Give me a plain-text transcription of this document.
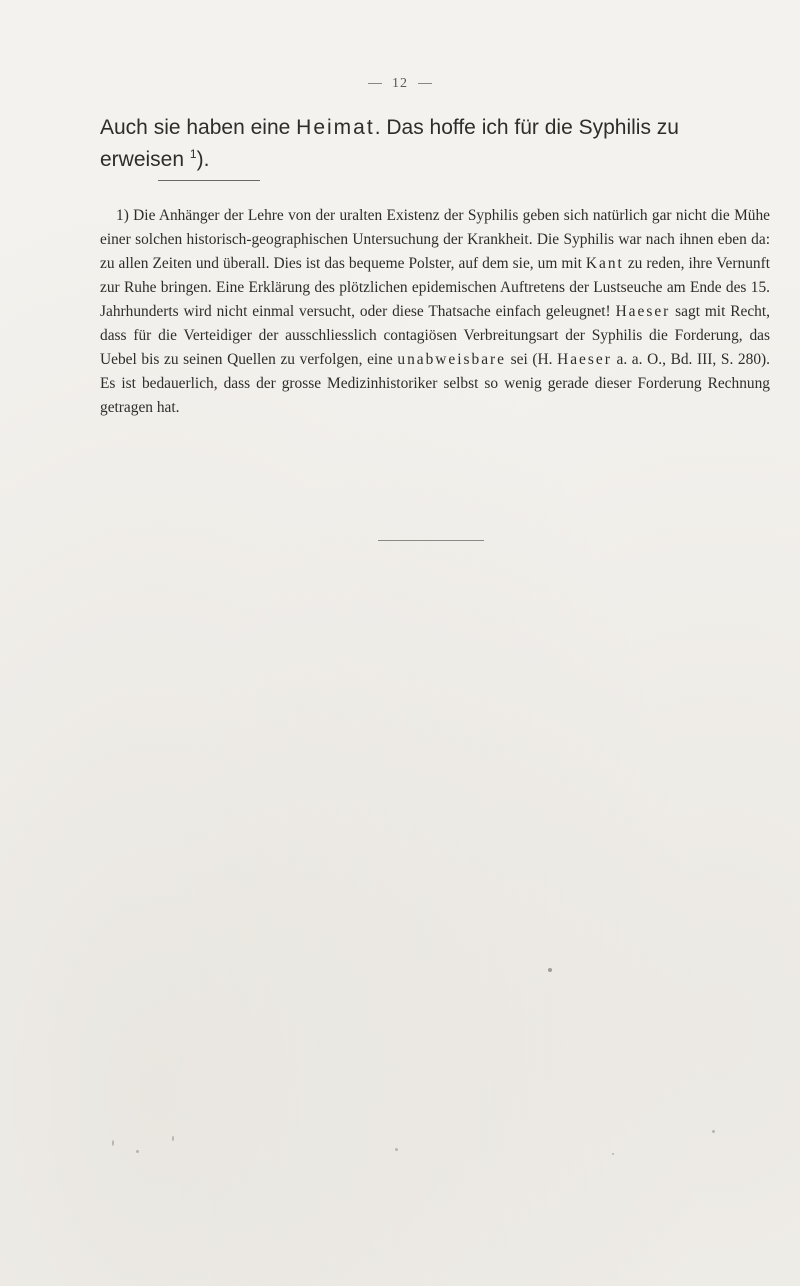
12

Auch sie haben eine Heimat. Das hoffe ich für die Syphilis zu erweisen $^1$).

1) Die Anhänger der Lehre von der uralten Existenz der Syphilis geben sich natürlich gar nicht die Mühe einer solchen historisch-geographischen Untersuchung der Krankheit. Die Syphilis war nach ihnen eben da: zu allen Zeiten und überall. Dies ist das bequeme Polster, auf dem sie, um mit Kant zu reden, ihre Vernunft zur Ruhe bringen. Eine Erklärung des plötzlichen epidemischen Auftretens der Lustseuche am Ende des 15. Jahrhunderts wird nicht einmal versucht, oder diese Thatsache einfach geleugnet! Haeser sagt mit Recht, dass für die Verteidiger der ausschliesslich contagiösen Verbreitungsart der Syphilis die Forderung, das Uebel bis zu seinen Quellen zu verfolgen, eine unabweisbare sei (H. Haeser a. a. O., Bd. III, S. 280). Es ist bedauerlich, dass der grosse Medizinhistoriker selbst so wenig gerade dieser Forderung Rechnung getragen hat.
